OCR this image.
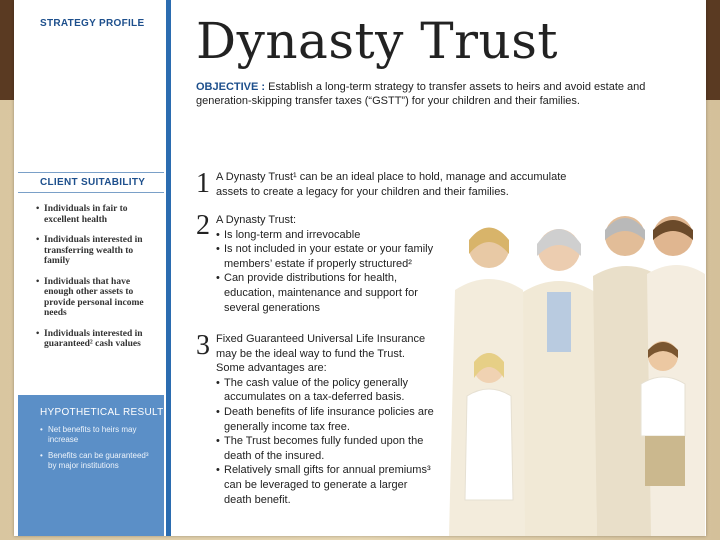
STRATEGY PROFILE
CLIENT SUITABILITY
• Individuals in fair to excellent health
• Individuals interested in transferring wealth to family
• Individuals that have enough other assets to provide personal income needs
• Individuals interested in guaranteed² cash values
HYPOTHETICAL RESULT
• Net benefits to heirs may increase
• Benefits can be guaranteed³ by major institutions
Dynasty Trust
OBJECTIVE : Establish a long-term strategy to transfer assets to heirs and avoid estate and generation-skipping transfer taxes (“GSTT”) for your children and their families.
1 A Dynasty Trust¹ can be an ideal place to hold, manage and accumulate assets to create a legacy for your children and their families.
2 A Dynasty Trust:
• Is long-term and irrevocable
• Is not included in your estate or your family members’ estate if properly structured²
• Can provide distributions for health, education, maintenance and support for several generations
3 Fixed Guaranteed Universal Life Insurance may be the ideal way to fund the Trust.
Some advantages are:
• The cash value of the policy generally accumulates on a tax-deferred basis.
• Death benefits of life insurance policies are generally income tax free.
• The Trust becomes fully funded upon the death of the insured.
• Relatively small gifts for annual premiums³ can be leveraged to generate a larger death benefit.
